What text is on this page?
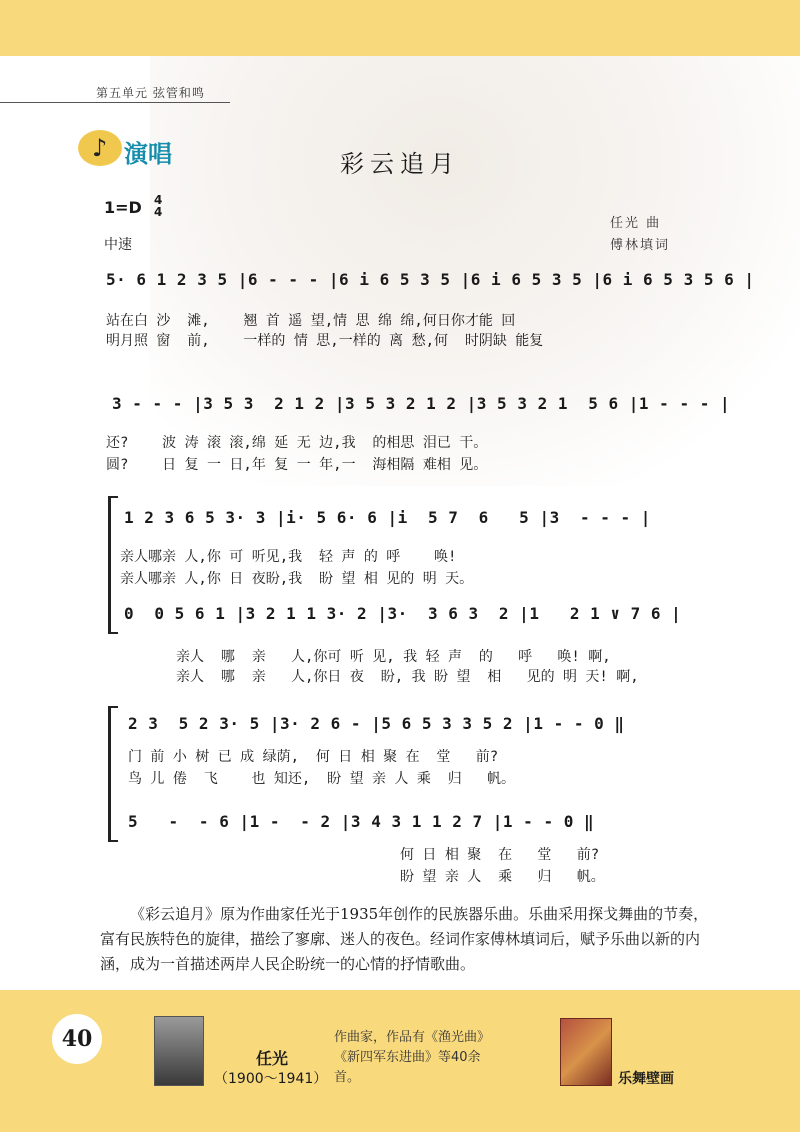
第五单元 弦管和鸣
♪ 演唱	彩云追月
1=D 4
4
中速
任光 曲
傅林填词
5· 6 1 2 3 5 |6 - - - |6 i 6 5 3 5 |6 i 6 5 3 5 |6 i 6 5 3 5 6 |
站在白 沙  滩,    翘 首 遥 望,情 思 绵 绵,何日你才能 回
明月照 窗  前,    一样的 情 思,一样的 离 愁,何  时阴缺 能复
3 - - - |3 5 3  2 1 2 |3 5 3 2 1 2 |3 5 3 2 1  5 6 |1 - - - |
还?    波 涛 滚 滚,绵 延 无 边,我  的相思 泪已 干。
圆?    日 复 一 日,年 复 一 年,一  海相隔 难相 见。
1 2 3 6 5 3· 3 |i· 5 6· 6 |i  5 7  6   5 |3  - - - |
亲人哪亲 人,你 可 听见,我  轻 声 的 呼    唤!
亲人哪亲 人,你 日 夜盼,我  盼 望 相 见的 明 天。
0  0 5 6 1 |3 2 1 1 3· 2 |3·  3 6 3  2 |1   2 1 ∨ 7 6 |
亲人  哪  亲   人,你可 听 见, 我 轻 声  的   呼   唤! 啊,
亲人  哪  亲   人,你日 夜  盼, 我 盼 望  相   见的 明 天! 啊,
2 3  5 2 3· 5 |3· 2 6 - |5 6 5 3 3 5 2 |1 - - 0 ‖
门 前 小 树 已 成 绿荫,  何 日 相 聚 在  堂   前?
鸟 儿 倦  飞    也 知还,  盼 望 亲 人 乘  归   帆。
5   -  - 6 |1 -  - 2 |3 4 3 1 1 2 7 |1 - - 0 ‖
何 日 相 聚  在   堂   前?
盼 望 亲 人  乘   归   帆。
《彩云追月》原为作曲家任光于1935年创作的民族器乐曲。乐曲采用探戈舞曲的节奏，富有民族特色的旋律，描绘了寥廓、迷人的夜色。经词作家傅林填词后，赋予乐曲以新的内涵，成为一首描述两岸人民企盼统一的心情的抒情歌曲。
40
任光
（1900～1941）
作曲家，作品有《渔光曲》《新四军东进曲》等40余首。	乐舞壁画
